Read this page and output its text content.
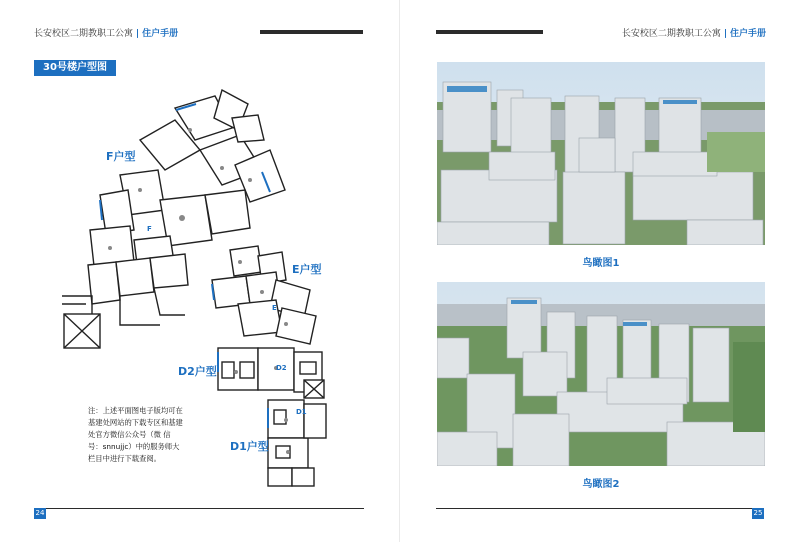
长安校区二期教职工公寓 | 住户手册
30号楼户型图
F
E
D2
D1
F户型
E户型
D2户型
D1户型
注：上述平面图电子版均可在基建处网站的下载专区和基建处官方微信公众号（微 信 号：snnujjc）中的服务师大栏目中进行下载查阅。
24
长安校区二期教职工公寓 | 住户手册
鸟瞰图1
鸟瞰图2
25
